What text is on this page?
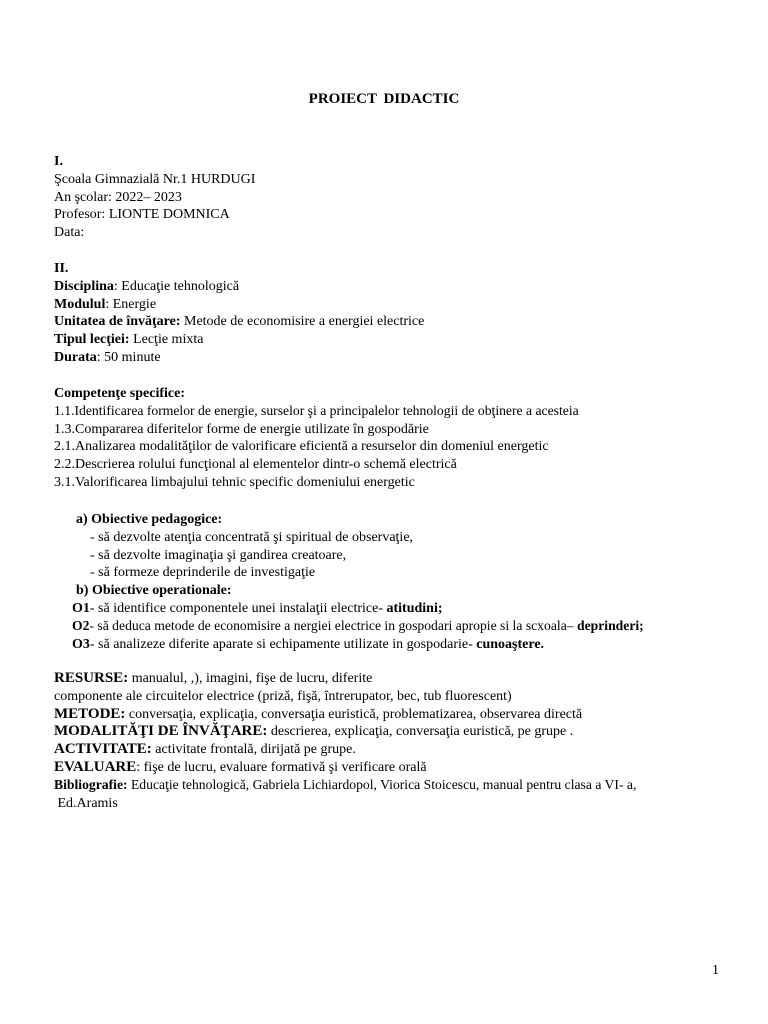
PROIECT DIDACTIC
I.
Şcoala Gimnazială Nr.1 HURDUGI
An şcolar: 2022– 2023
Profesor: LIONTE DOMNICA
Data:
II.
Disciplina: Educaţie tehnologică
Modulul: Energie
Unitatea de învăţare: Metode de economisire a energiei electrice
Tipul lecţiei: Lecţie mixta
Durata: 50 minute
Competenţe specifice:
1.1.Identificarea formelor de energie, surselor şi a principalelor tehnologii de obţinere a acesteia
1.3.Compararea diferitelor forme de energie utilizate în gospodărie
2.1.Analizarea modalităţilor de valorificare eficientă a resurselor din domeniul energetic
2.2.Descrierea rolului funcţional al elementelor dintr-o schemă electrică
3.1.Valorificarea limbajului tehnic specific domeniului energetic
a) Obiective pedagogice:
- să dezvolte atenţia concentrată şi spiritual de observaţie,
- să dezvolte imaginaţia şi gandirea creatoare,
- să formeze deprinderile de investigaţie
b) Obiective operationale:
O1- să identifice componentele unei instalaţii electrice- atitudini;
O2- să deduca metode de economisire a nergiei electrice in gospodari apropie si la scxoala– deprinderi;
O3- să analizeze diferite aparate si echipamente utilizate in gospodarie- cunoaştere.
RESURSE: manualul, ,), imagini, fişe de lucru, diferite
componente ale circuitelor electrice (priză, fişă, întrerupator, bec, tub fluorescent)
METODE: conversaţia, explicaţia, conversaţia euristică, problematizarea, observarea directă
MODALITĂŢI DE ÎNVĂŢARE: descrierea, explicaţia, conversaţia euristică, pe grupe .
ACTIVITATE: activitate frontală, dirijată pe grupe.
EVALUARE: fişe de lucru, evaluare formativă şi verificare orală
Bibliografie: Educaţie tehnologică, Gabriela Lichiardopol, Viorica Stoicescu, manual pentru clasa a VI- a,
Ed.Aramis
1
